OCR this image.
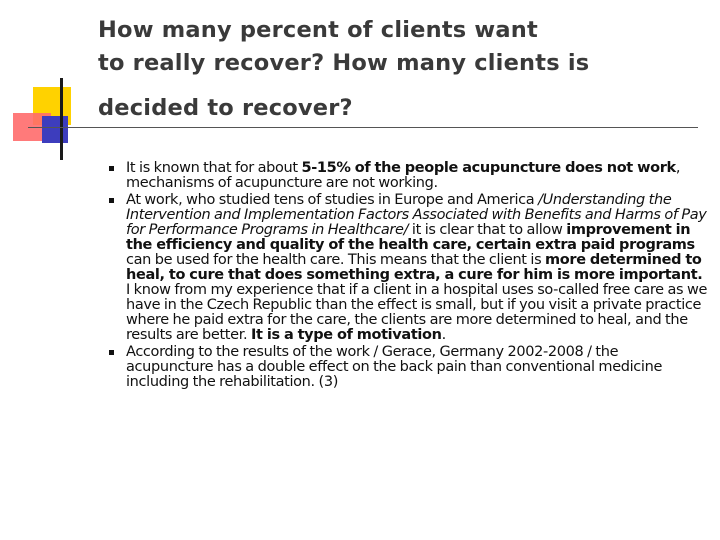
How many percent of clients want
to really recover? How many clients is
decided to recover?
It is known that for about 5-15% of the people acupuncture does not work, mechanisms of acupuncture are not working.
At work, who studied tens of studies in Europe and America /Understanding the Intervention and Implementation Factors Associated with Benefits and Harms of Pay for Performance Programs in Healthcare/ it is clear that to allow improvement in the efficiency and quality of the health care, certain extra paid programs can be used for the health care. This means that the client is more determined to heal, to cure that does something extra, a cure for him is more important. I know from my experience that if a client in a hospital uses so-called free care as we have in the Czech Republic than the effect is small, but if you visit a private practice where he paid extra for the care, the clients are more determined to heal, and the results are better. It is a type of motivation.
According to the results of the work / Gerace, Germany 2002-2008 / the acupuncture has a double effect on the back pain than conventional medicine including the rehabilitation. (3)
